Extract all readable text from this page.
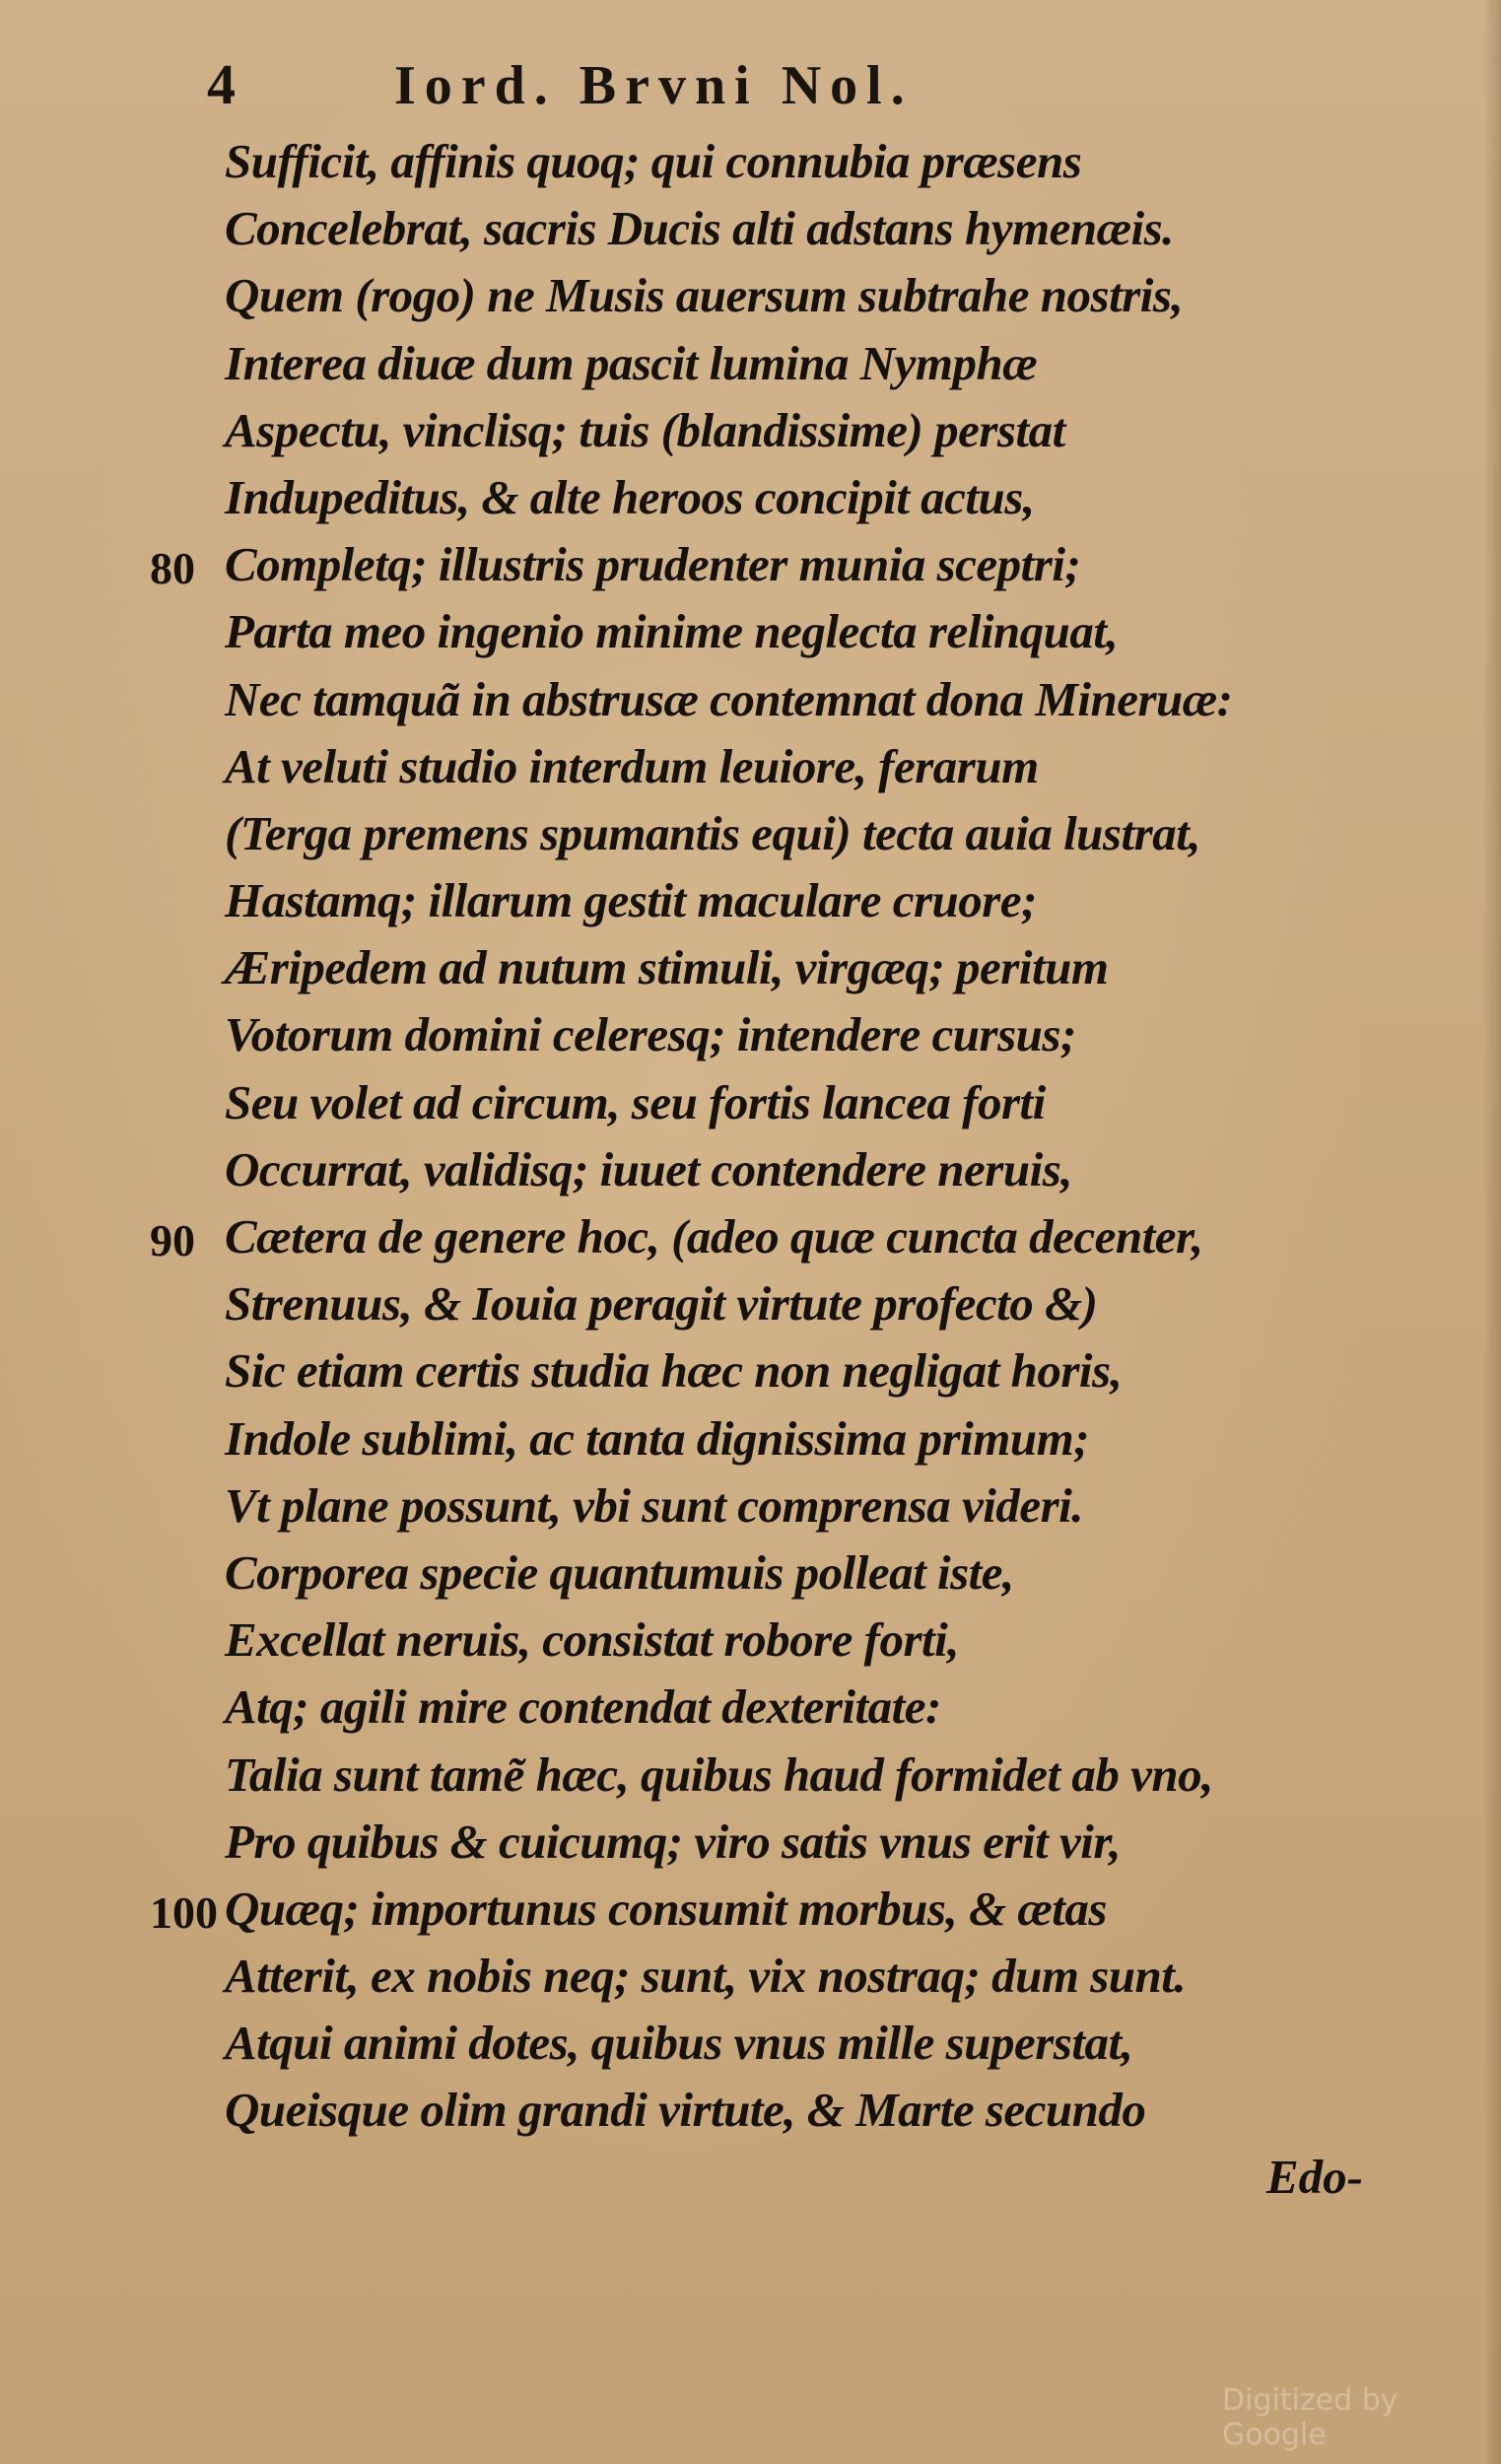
4	Iord. Brvni Nol.
80
90
100
Sufficit, affinis quoq; qui connubia præsens
Concelebrat, sacris Ducis alti adstans hymenæis.
Quem (rogo) ne Musis auersum subtrahe nostris,
Interea diuæ dum pascit lumina Nymphæ
Aspectu, vinclisq; tuis (blandissime) perstat
Indupeditus, & alte heroos concipit actus,
Completq; illustris prudenter munia sceptri;
Parta meo ingenio minime neglecta relinquat,
Nec tamquã in abstrusæ contemnat dona Mineruæ:
At veluti studio interdum leuiore, ferarum
(Terga premens spumantis equi) tecta auia lustrat,
Hastamq; illarum gestit maculare cruore;
Æripedem ad nutum stimuli, virgæq; peritum
Votorum domini celeresq; intendere cursus;
Seu volet ad circum, seu fortis lancea forti
Occurrat, validisq; iuuet contendere neruis,
Cætera de genere hoc, (adeo quæ cuncta decenter,
Strenuus, & Iouia peragit virtute profecto &)
Sic etiam certis studia hæc non negligat horis,
Indole sublimi, ac tanta dignissima primum;
Vt plane possunt, vbi sunt comprensa videri.
Corporea specie quantumuis polleat iste,
Excellat neruis, consistat robore forti,
Atq; agili mire contendat dexteritate:
Talia sunt tamẽ hæc, quibus haud formidet ab vno,
Pro quibus & cuicumq; viro satis vnus erit vir,
Quæq; importunus consumit morbus, & ætas
Atterit, ex nobis neq; sunt, vix nostraq; dum sunt.
Atqui animi dotes, quibus vnus mille superstat,
Queisque olim grandi virtute, & Marte secundo
Edo-
Digitized by Google
